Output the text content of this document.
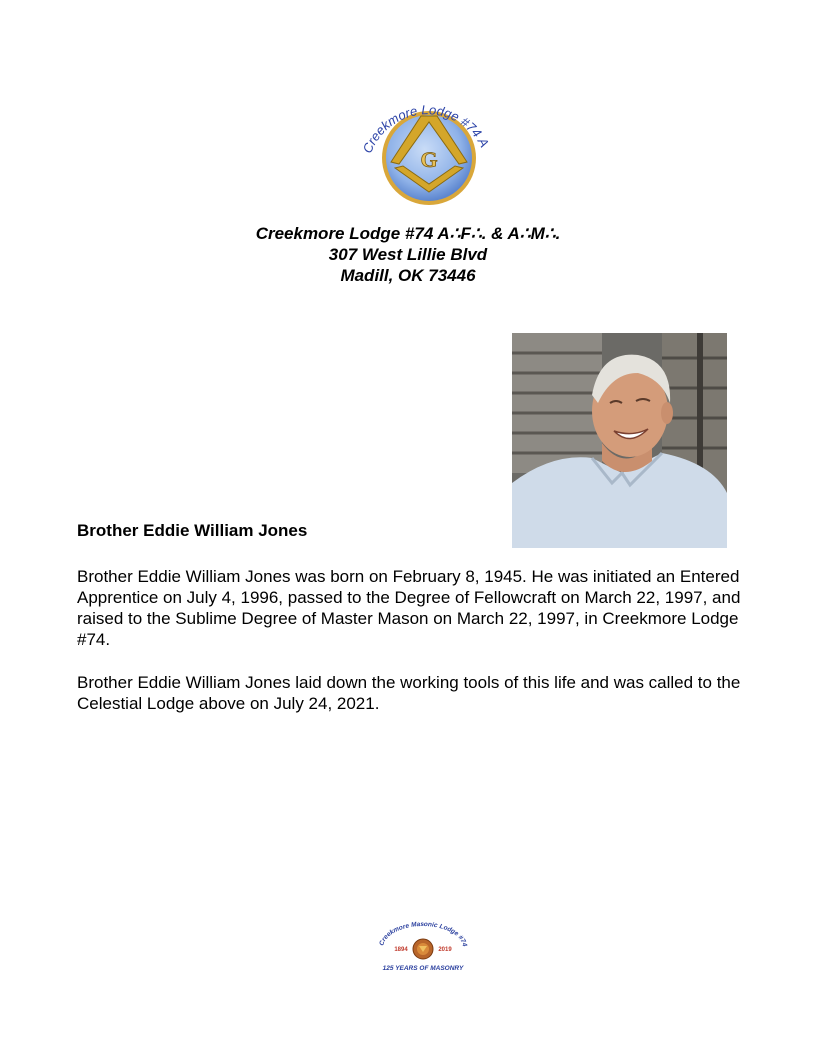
G
Creekmore Lodge #74 A
Creekmore Lodge #74 A∴F∴. & A∴M∴.
307 West Lillie Blvd
Madill, OK 73446
Brother Eddie William Jones
Brother Eddie William Jones was born on February 8, 1945. He was initiated an Entered Apprentice on July 4, 1996, passed to the Degree of Fellowcraft on March 22, 1997, and raised to the Sublime Degree of Master Mason on March 22, 1997, in Creekmore Lodge #74.
Brother Eddie William Jones laid down the working tools of this life and was called to the Celestial Lodge above on July 24, 2021.
Creekmore Masonic Lodge #74
1894	2019
125 YEARS OF MASONRY
